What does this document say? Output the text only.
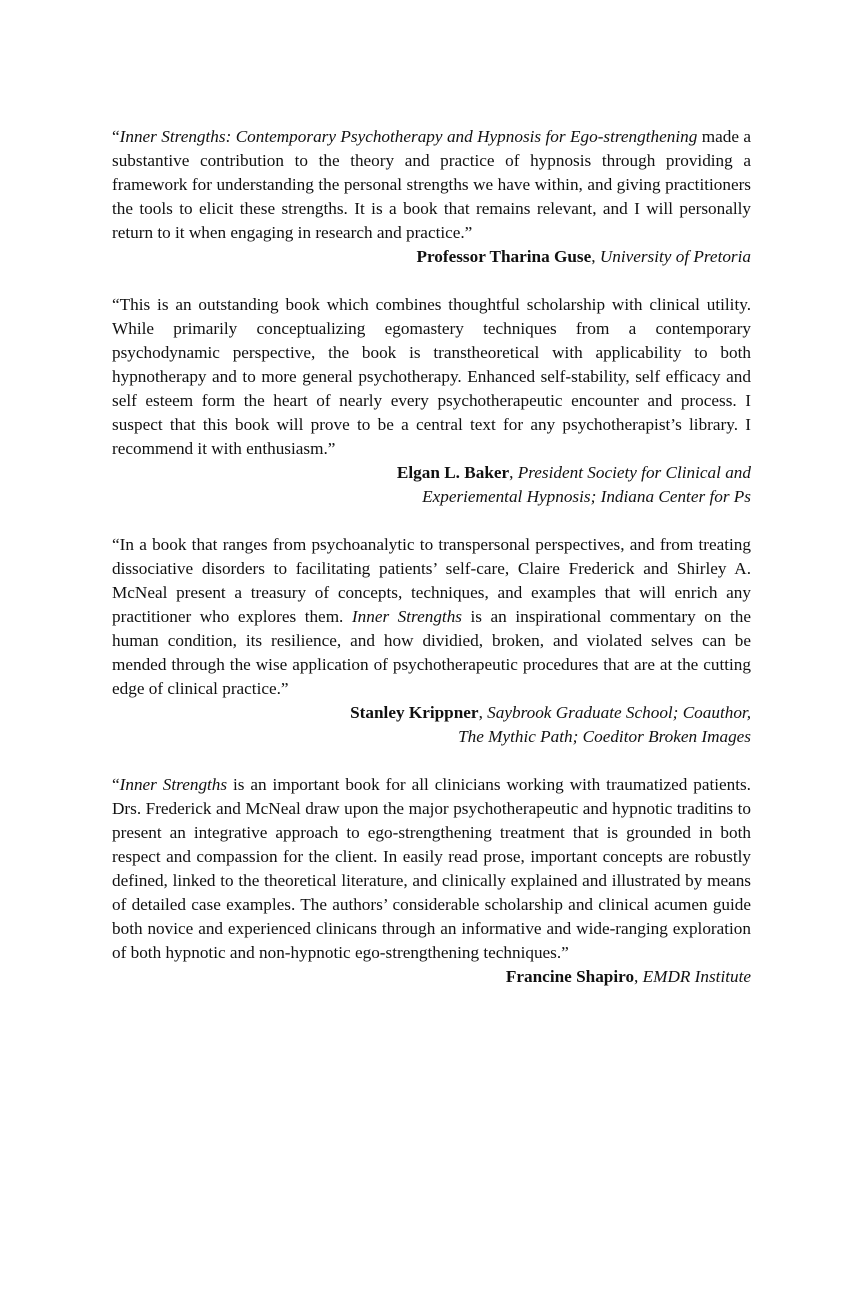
“Inner Strengths: Contemporary Psychotherapy and Hypnosis for Ego-strengthening made a substantive contribution to the theory and practice of hypnosis through providing a framework for understanding the personal strengths we have within, and giving practitioners the tools to elicit these strengths. It is a book that remains relevant, and I will personally return to it when engaging in research and practice.”

Professor Tharina Guse, University of Pretoria

“This is an outstanding book which combines thoughtful scholarship with clinical utility. While primarily conceptualizing egomastery techniques from a contemporary psychodynamic perspective, the book is transtheoretical with applicability to both hypnotherapy and to more general psychotherapy. Enhanced self-stability, self efficacy and self esteem form the heart of nearly every psychotherapeutic encounter and process. I suspect that this book will prove to be a central text for any psychotherapist’s library. I recommend it with enthusiasm.”

Elgan L. Baker, President Society for Clinical and
Experiemental Hypnosis; Indiana Center for Ps

“In a book that ranges from psychoanalytic to transpersonal perspectives, and from treating dissociative disorders to facilitating patients’ self-care, Claire Frederick and Shirley A. McNeal present a treasury of concepts, techniques, and examples that will enrich any practitioner who explores them. Inner Strengths is an inspirational commentary on the human condition, its resilience, and how dividied, broken, and violated selves can be mended through the wise application of psychotherapeutic procedures that are at the cutting edge of clinical practice.”

Stanley Krippner, Saybrook Graduate School; Coauthor,
The Mythic Path; Coeditor Broken Images

“Inner Strengths is an important book for all clinicians working with traumatized patients. Drs. Frederick and McNeal draw upon the major psychotherapeutic and hypnotic traditins to present an integrative approach to ego-strengthening treatment that is grounded in both respect and compassion for the client. In easily read prose, important concepts are robustly defined, linked to the theoretical literature, and clinically explained and illustrated by means of detailed case examples. The authors’ considerable scholarship and clinical acumen guide both novice and experienced clinicans through an informative and wide-ranging exploration of both hypnotic and non-hypnotic ego-strengthening techniques.”

Francine Shapiro, EMDR Institute
